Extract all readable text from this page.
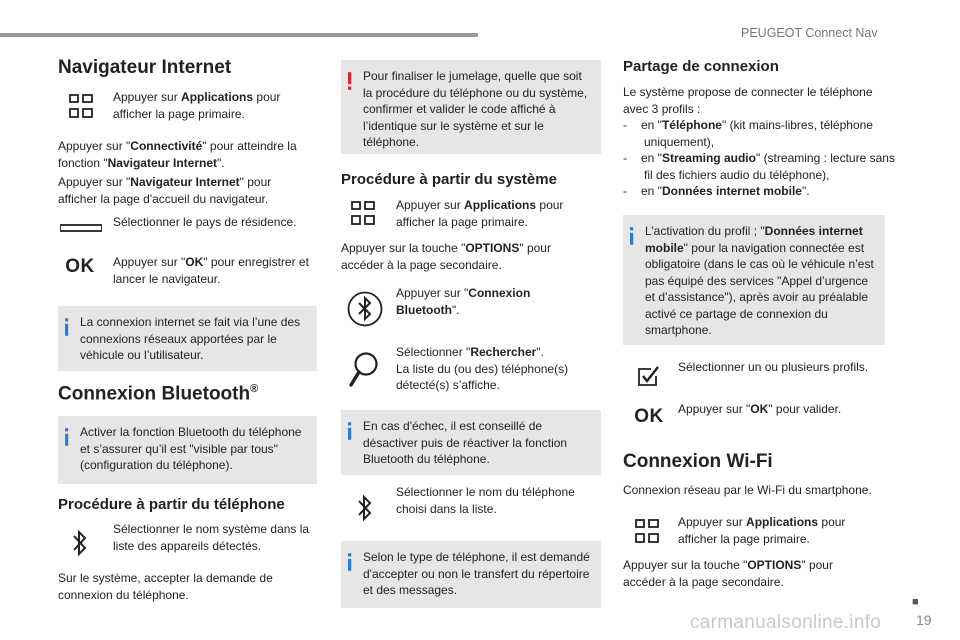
PEUGEOT Connect Nav
Navigateur Internet
Appuyer sur Applications pour afficher la page primaire.
Appuyer sur "Connectivité" pour atteindre la fonction "Navigateur Internet".
Appuyer sur "Navigateur Internet" pour afficher la page d'accueil du navigateur.
Sélectionner le pays de résidence.
OK Appuyer sur "OK" pour enregistrer et lancer le navigateur.
La connexion internet se fait via l’une des connexions réseaux apportées par le véhicule ou l’utilisateur.
Connexion Bluetooth®
Activer la fonction Bluetooth du téléphone et s’assurer qu’il est "visible par tous" (configuration du téléphone).
Procédure à partir du téléphone
Sélectionner le nom système dans la liste des appareils détectés.
Sur le système, accepter la demande de connexion du téléphone.
Pour finaliser le jumelage, quelle que soit la procédure du téléphone ou du système, confirmer et valider le code affiché à l’identique sur le système et sur le téléphone.
Procédure à partir du système
Appuyer sur Applications pour afficher la page primaire.
Appuyer sur la touche "OPTIONS" pour accéder à la page secondaire.
Appuyer sur "Connexion Bluetooth".
Sélectionner "Rechercher".
La liste du (ou des) téléphone(s) détecté(s) s’affiche.
En cas d'échec, il est conseillé de désactiver puis de réactiver la fonction Bluetooth du téléphone.
Sélectionner le nom du téléphone choisi dans la liste.
Selon le type de téléphone, il est demandé d'accepter ou non le transfert du répertoire et des messages.
Partage de connexion
Le système propose de connecter le téléphone avec 3 profils :
- en "Téléphone" (kit mains-libres, téléphone uniquement),
- en "Streaming audio" (streaming : lecture sans fil des fichiers audio du téléphone),
- en "Données internet mobile".
L’activation du profil ; "Données internet mobile" pour la navigation connectée est obligatoire (dans le cas où le véhicule n’est pas équipé des services "Appel d’urgence et d’assistance"), après avoir au préalable activé ce partage de connexion du smartphone.
Sélectionner un ou plusieurs profils.
OK Appuyer sur "OK" pour valider.
Connexion Wi-Fi
Connexion réseau par le Wi-Fi du smartphone.
Appuyer sur Applications pour afficher la page primaire.
Appuyer sur la touche "OPTIONS" pour accéder à la page secondaire.
carmanualsonline.info
■
19
